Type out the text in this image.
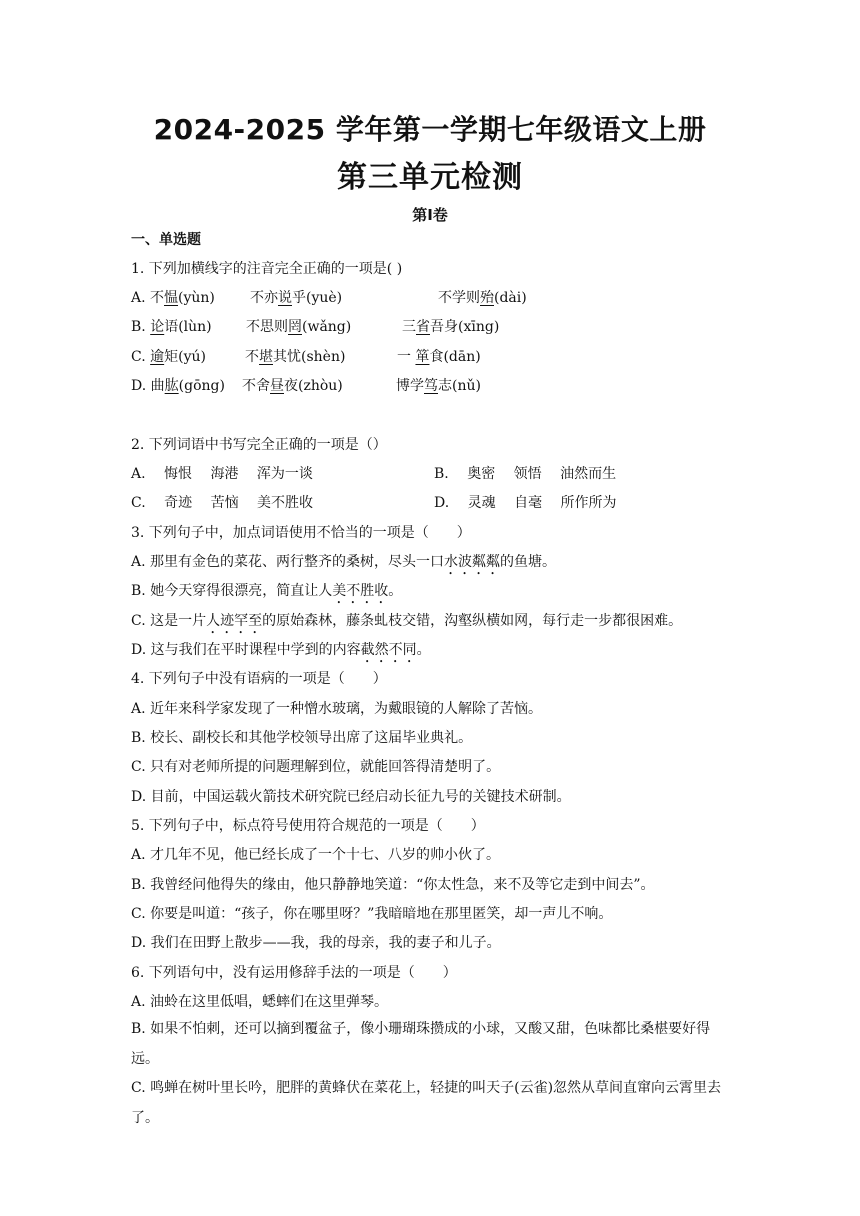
2024-2025 学年第一学期七年级语文上册
第三单元检测
第Ⅰ卷
一、单选题
1. 下列加横线字的注音完全正确的一项是( )
A. 不愠(yùn)	不亦说乎(yuè)	不学则殆(dài)
B. 论语(lùn) 不思则罔(wǎng)	三省吾身(xīng)
C. 逾矩(yú)	不堪其忧(shèn)	一 箪食(dān)
D. 曲肱(gōng) 不舍昼夜(zhòu)	博学笃志(nǔ)
2. 下列词语中书写完全正确的一项是（）
A. 悔恨 海港 浑为一谈	B. 奥密 领悟 油然而生
C. 奇迹 苦恼 美不胜收	D. 灵魂 自毫 所作所为
3. 下列句子中，加点词语使用不恰当的一项是（　　）
A. 那里有金色的菜花、两行整齐的桑树，尽头一口水波粼粼的鱼塘。
B. 她今天穿得很漂亮，简直让人美不胜收。
C. 这是一片人迹罕至的原始森林，藤条虬枝交错，沟壑纵横如网，每行走一步都很困难。
D. 这与我们在平时课程中学到的内容截然不同。
4. 下列句子中没有语病的一项是（　　）
A. 近年来科学家发现了一种憎水玻璃，为戴眼镜的人解除了苦恼。
B. 校长、副校长和其他学校领导出席了这届毕业典礼。
C. 只有对老师所提的问题理解到位，就能回答得清楚明了。
D. 目前，中国运载火箭技术研究院已经启动长征九号的关键技术研制。
5. 下列句子中，标点符号使用符合规范的一项是（　　）
A. 才几年不见，他已经长成了一个十七、八岁的帅小伙了。
B. 我曾经问他得失的缘由，他只静静地笑道：“你太性急，来不及等它走到中间去”。
C. 你要是叫道：“孩子，你在哪里呀？”我暗暗地在那里匿笑，却一声儿不响。
D. 我们在田野上散步——我，我的母亲，我的妻子和儿子。
6. 下列语句中，没有运用修辞手法的一项是（　　）
A. 油蛉在这里低唱，蟋蟀们在这里弹琴。
B. 如果不怕刺，还可以摘到覆盆子，像小珊瑚珠攒成的小球，又酸又甜，色味都比桑椹要好得远。
C. 鸣蝉在树叶里长吟，肥胖的黄蜂伏在菜花上，轻捷的叫天子(云雀)忽然从草间直窜向云霄里去了。
